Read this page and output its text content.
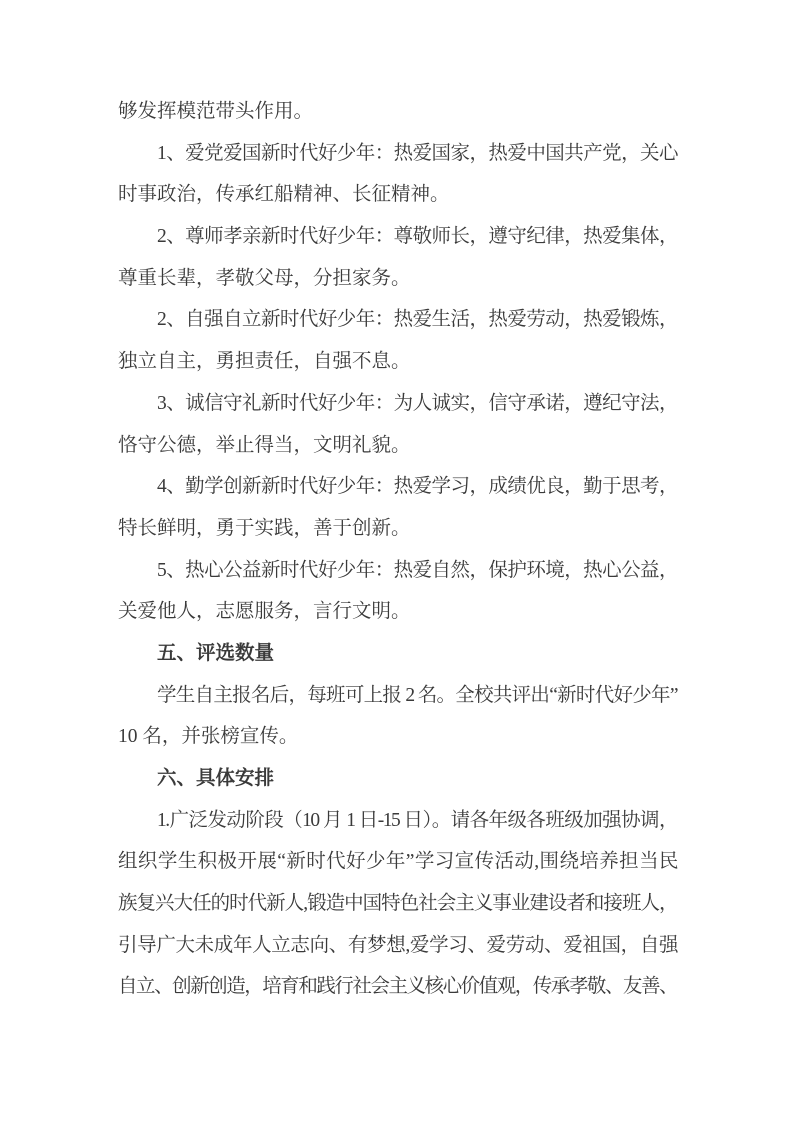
够发挥模范带头作用。
1、爱党爱国新时代好少年：热爱国家，热爱中国共产党，关心
时事政治，传承红船精神、长征精神。
2、尊师孝亲新时代好少年：尊敬师长，遵守纪律，热爱集体，
尊重长辈，孝敬父母，分担家务。
2、自强自立新时代好少年：热爱生活，热爱劳动，热爱锻炼，
独立自主，勇担责任，自强不息。
3、诚信守礼新时代好少年：为人诚实，信守承诺，遵纪守法，
恪守公德，举止得当，文明礼貌。
4、勤学创新新时代好少年：热爱学习，成绩优良，勤于思考，
特长鲜明，勇于实践，善于创新。
5、热心公益新时代好少年：热爱自然，保护环境，热心公益，
关爱他人，志愿服务，言行文明。
五、评选数量
学生自主报名后，每班可上报 2 名。全校共评出“新时代好少年”
10 名，并张榜宣传。
六、具体安排
1.广泛发动阶段（10 月 1 日-15 日）。请各年级各班级加强协调，
组织学生积极开展“新时代好少年”学习宣传活动,围绕培养担当民
族复兴大任的时代新人,锻造中国特色社会主义事业建设者和接班人，
引导广大未成年人立志向、有梦想,爱学习、爱劳动、爱祖国，自强
自立、创新创造，培育和践行社会主义核心价值观，传承孝敬、友善、
